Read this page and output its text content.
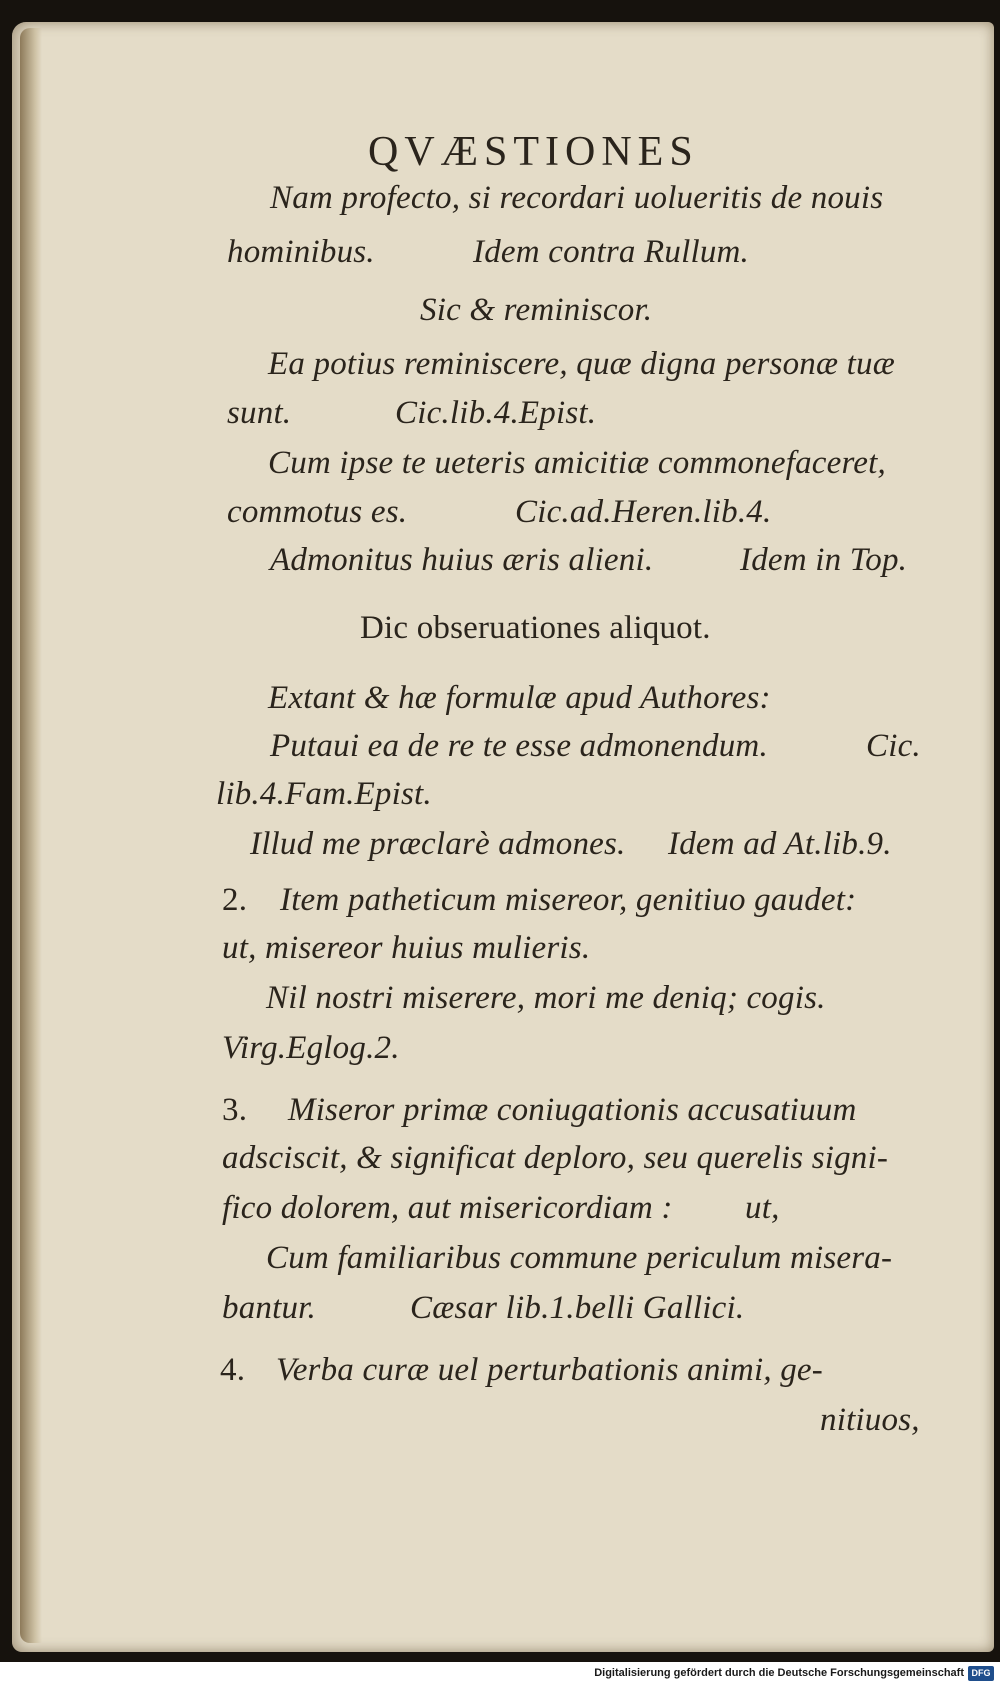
QVÆSTIONES
Nam profecto, si recordari uolueritis de nouis
hominibus.	Idem contra Rullum.
Sic & reminiscor.
Ea potius reminiscere, quæ digna personæ tuæ
sunt.	Cic.lib.4.Epist.
Cum ipse te ueteris amicitiæ commonefaceret,
commotus es.	Cic.ad.Heren.lib.4.
Admonitus huius æris alieni.	Idem in Top.
Dic obseruationes aliquot.
Extant & hæ formulæ apud Authores:
Putaui ea de re te esse admonendum.	Cic.
lib.4.Fam.Epist.
Illud me præclarè admones. Idem ad At.lib.9.
2. Item patheticum misereor, genitiuo gaudet:
ut, misereor huius mulieris.
Nil nostri miserere, mori me deniq; cogis.
Virg.Eglog.2.
3. Miseror primæ coniugationis accusatiuum
adsciscit, & significat deploro, seu querelis signi-
fico dolorem, aut misericordiam : ut,
Cum familiaribus commune periculum misera-
bantur.	Cæsar lib.1.belli Gallici.
4. Verba curæ uel perturbationis animi, ge-
nitiuos,
Digitalisierung gefördert durch die Deutsche Forschungsgemeinschaft DFG
